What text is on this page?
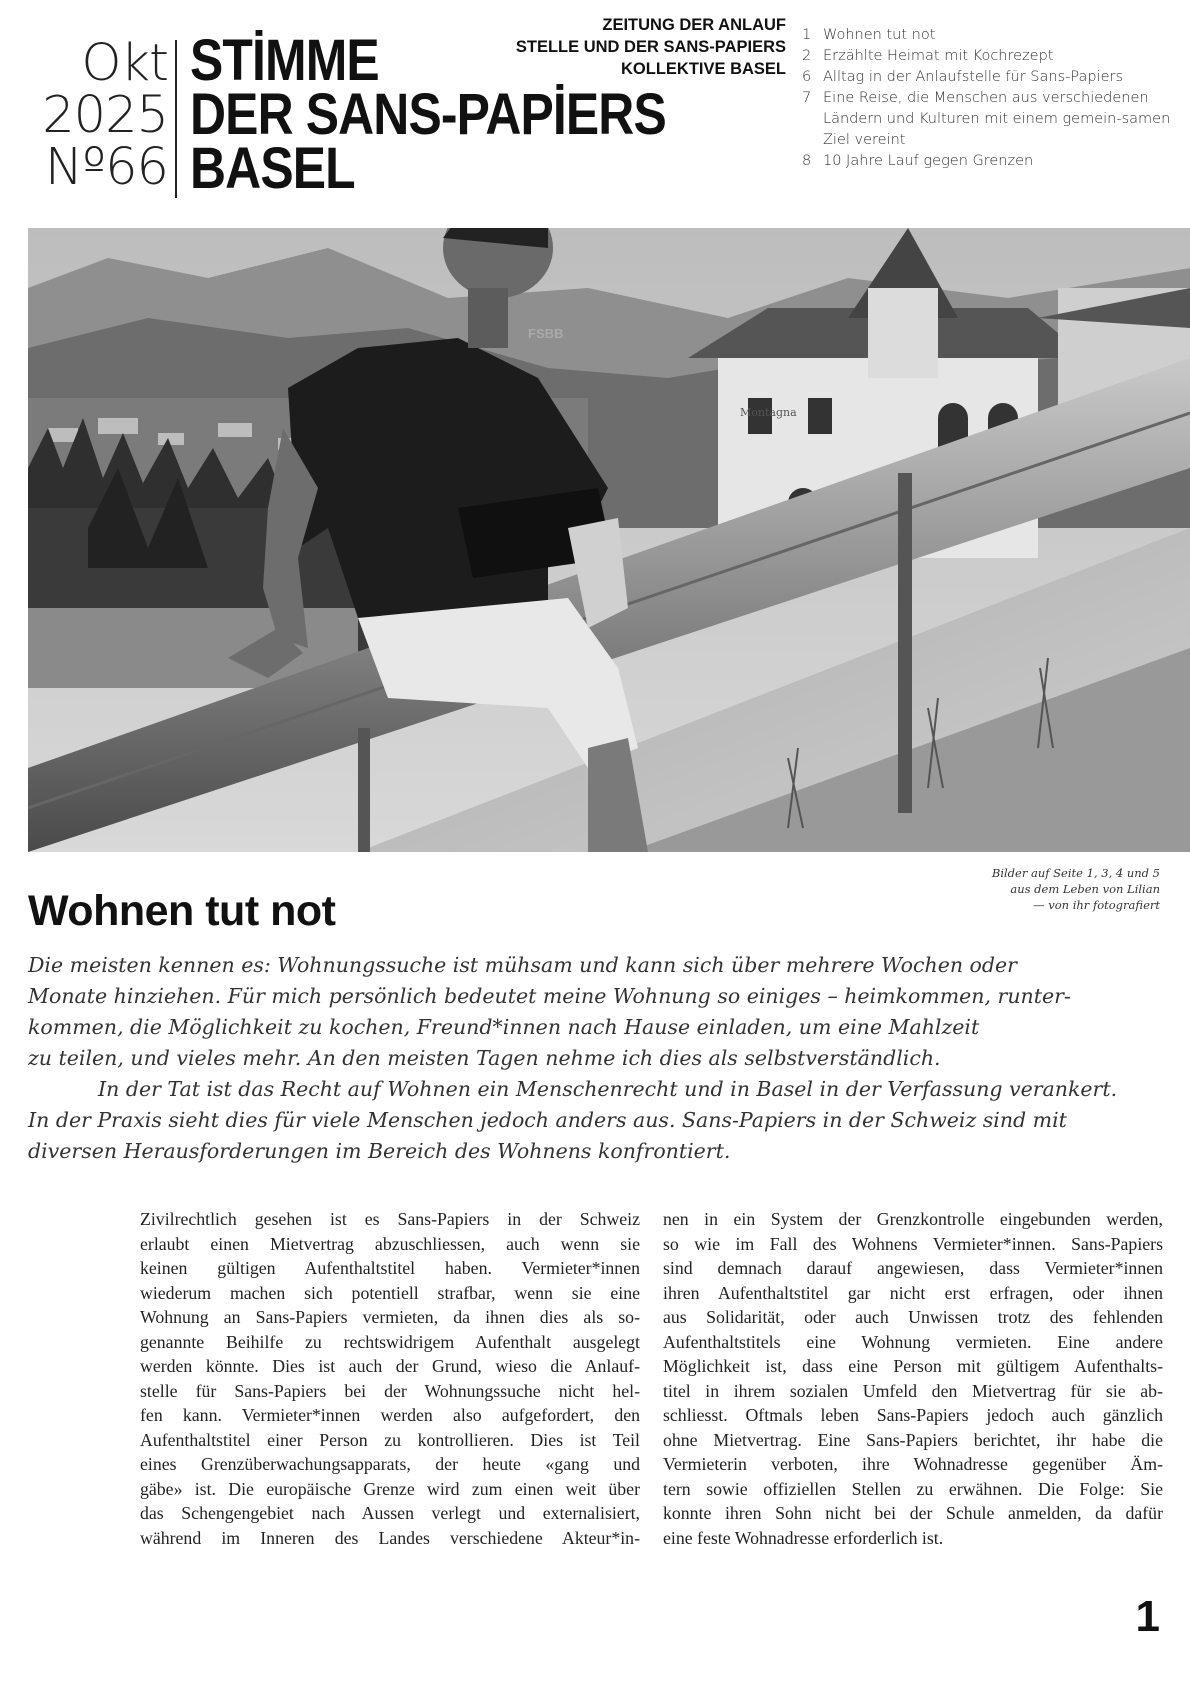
Okt
2025
Nº66
STİMME
DER SANS-PAPİERS
BASEL
ZEITUNG DER ANLAUF
STELLE UND DER SANS-PAPIERS
KOLLEKTIVE BASEL
1 Wohnen tut not
2 Erzählte Heimat mit Kochrezept
6 Alltag in der Anlaufstelle für Sans-Papiers
7 Eine Reise, die Menschen aus verschiedenen Ländern und Kulturen mit einem gemein-samen Ziel vereint
8 10 Jahre Lauf gegen Grenzen
Montagna
FSBB
Bilder auf Seite 1, 3, 4 und 5
aus dem Leben von Lilian
— von ihr fotografiert
Wohnen tut not
Die meisten kennen es: Wohnungssuche ist mühsam und kann sich über mehrere Wochen oder
Monate hinziehen. Für mich persönlich bedeutet meine Wohnung so einiges – heimkommen, runter-
kommen, die Möglichkeit zu kochen, Freund*innen nach Hause einladen, um eine Mahlzeit
zu teilen, und vieles mehr. An den meisten Tagen nehme ich dies als selbstverständlich.
In der Tat ist das Recht auf Wohnen ein Menschenrecht und in Basel in der Verfassung verankert.
In der Praxis sieht dies für viele Menschen jedoch anders aus. Sans-Papiers in der Schweiz sind mit
diversen Herausforderungen im Bereich des Wohnens konfrontiert.
Zivilrechtlich gesehen ist es Sans-Papiers in der Schweiz
erlaubt einen Mietvertrag abzuschliessen, auch wenn sie
keinen gültigen Aufenthaltstitel haben. Vermieter*innen
wiederum machen sich potentiell strafbar, wenn sie eine
Wohnung an Sans-Papiers vermieten, da ihnen dies als so-
genannte Beihilfe zu rechtswidrigem Aufenthalt ausgelegt
werden könnte. Dies ist auch der Grund, wieso die Anlauf-
stelle für Sans-Papiers bei der Wohnungssuche nicht hel-
fen kann. Vermieter*innen werden also aufgefordert, den
Aufenthaltstitel einer Person zu kontrollieren. Dies ist Teil
eines Grenzüberwachungsapparats, der heute «gang und
gäbe» ist. Die europäische Grenze wird zum einen weit über
das Schengengebiet nach Aussen verlegt und externalisiert,
während im Inneren des Landes verschiedene Akteur*in-
nen in ein System der Grenzkontrolle eingebunden werden,
so wie im Fall des Wohnens Vermieter*innen. Sans-Papiers
sind demnach darauf angewiesen, dass Vermieter*innen
ihren Aufenthaltstitel gar nicht erst erfragen, oder ihnen
aus Solidarität, oder auch Unwissen trotz des fehlenden
Aufenthaltstitels eine Wohnung vermieten. Eine andere
Möglichkeit ist, dass eine Person mit gültigem Aufenthalts-
titel in ihrem sozialen Umfeld den Mietvertrag für sie ab-
schliesst. Oftmals leben Sans-Papiers jedoch auch gänzlich
ohne Mietvertrag. Eine Sans-Papiers berichtet, ihr habe die
Vermieterin verboten, ihre Wohnadresse gegenüber Äm-
tern sowie offiziellen Stellen zu erwähnen. Die Folge: Sie
konnte ihren Sohn nicht bei der Schule anmelden, da dafür
eine feste Wohnadresse erforderlich ist.
1
